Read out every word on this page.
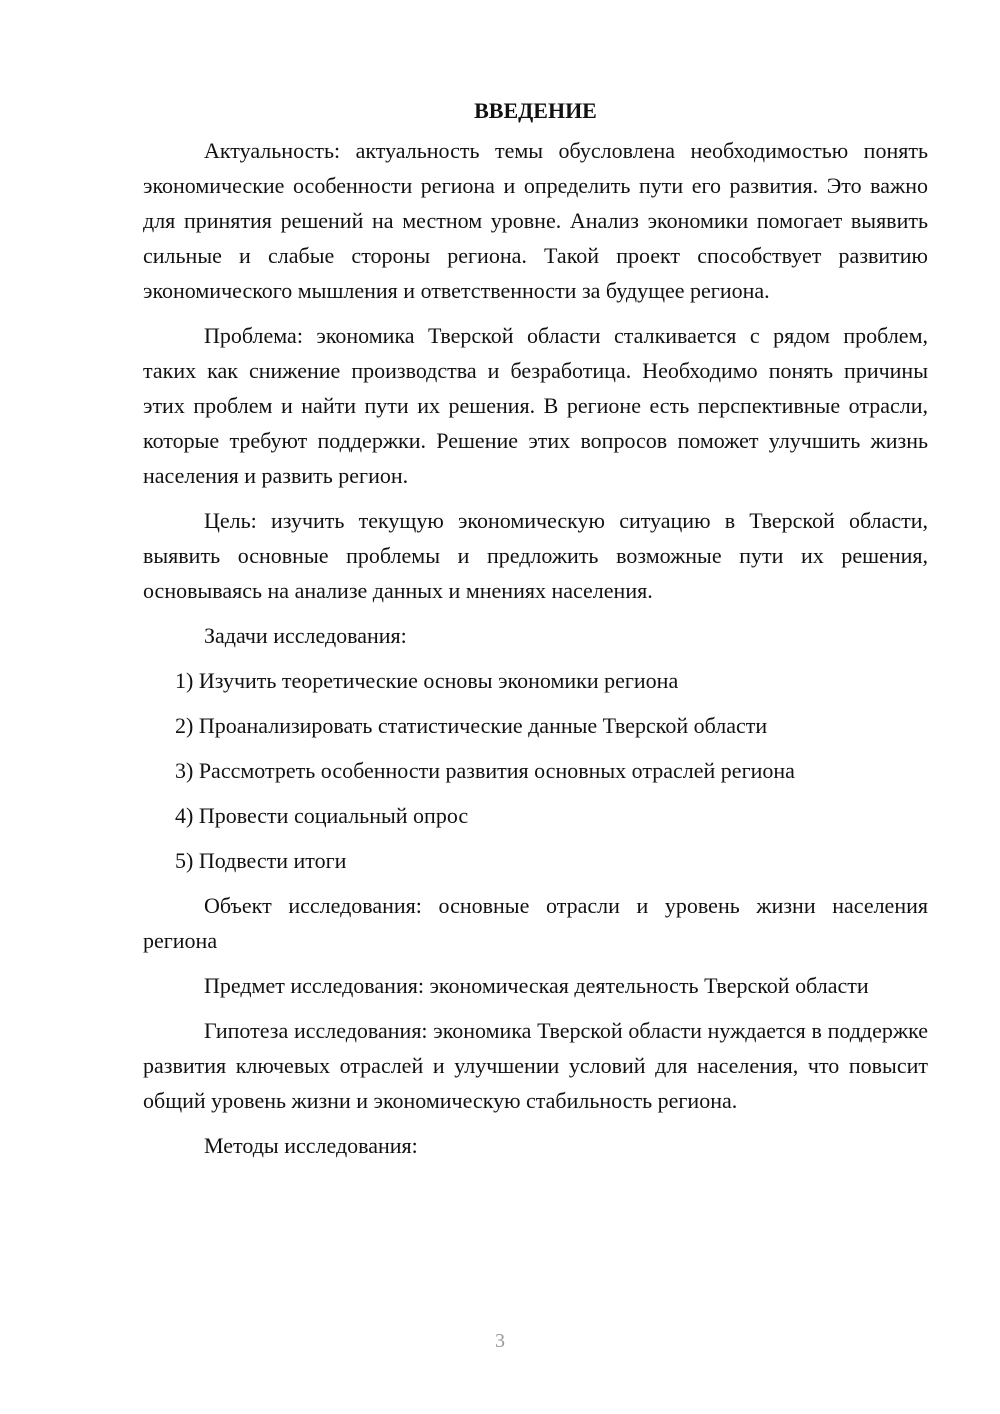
ВВЕДЕНИЕ

Актуальность: актуальность темы обусловлена необходимостью понять экономические особенности региона и определить пути его развития. Это важно для принятия решений на местном уровне. Анализ экономики помогает выявить сильные и слабые стороны региона. Такой проект способствует развитию экономического мышления и ответственности за будущее региона.

Проблема: экономика Тверской области сталкивается с рядом проблем, таких как снижение производства и безработица. Необходимо понять причины этих проблем и найти пути их решения. В регионе есть перспективные отрасли, которые требуют поддержки. Решение этих вопросов поможет улучшить жизнь населения и развить регион.

Цель: изучить текущую экономическую ситуацию в Тверской области, выявить основные проблемы и предложить возможные пути их решения, основываясь на анализе данных и мнениях населения.

Задачи исследования:

1) Изучить теоретические основы экономики региона

2) Проанализировать статистические данные Тверской области

3) Рассмотреть особенности развития основных отраслей региона

4) Провести социальный опрос

5) Подвести итоги

Объект исследования: основные отрасли и уровень жизни населения региона

Предмет исследования: экономическая деятельность Тверской области

Гипотеза исследования: экономика Тверской области нуждается в поддержке развития ключевых отраслей и улучшении условий для населения, что повысит общий уровень жизни и экономическую стабильность региона.

Методы исследования:

3
